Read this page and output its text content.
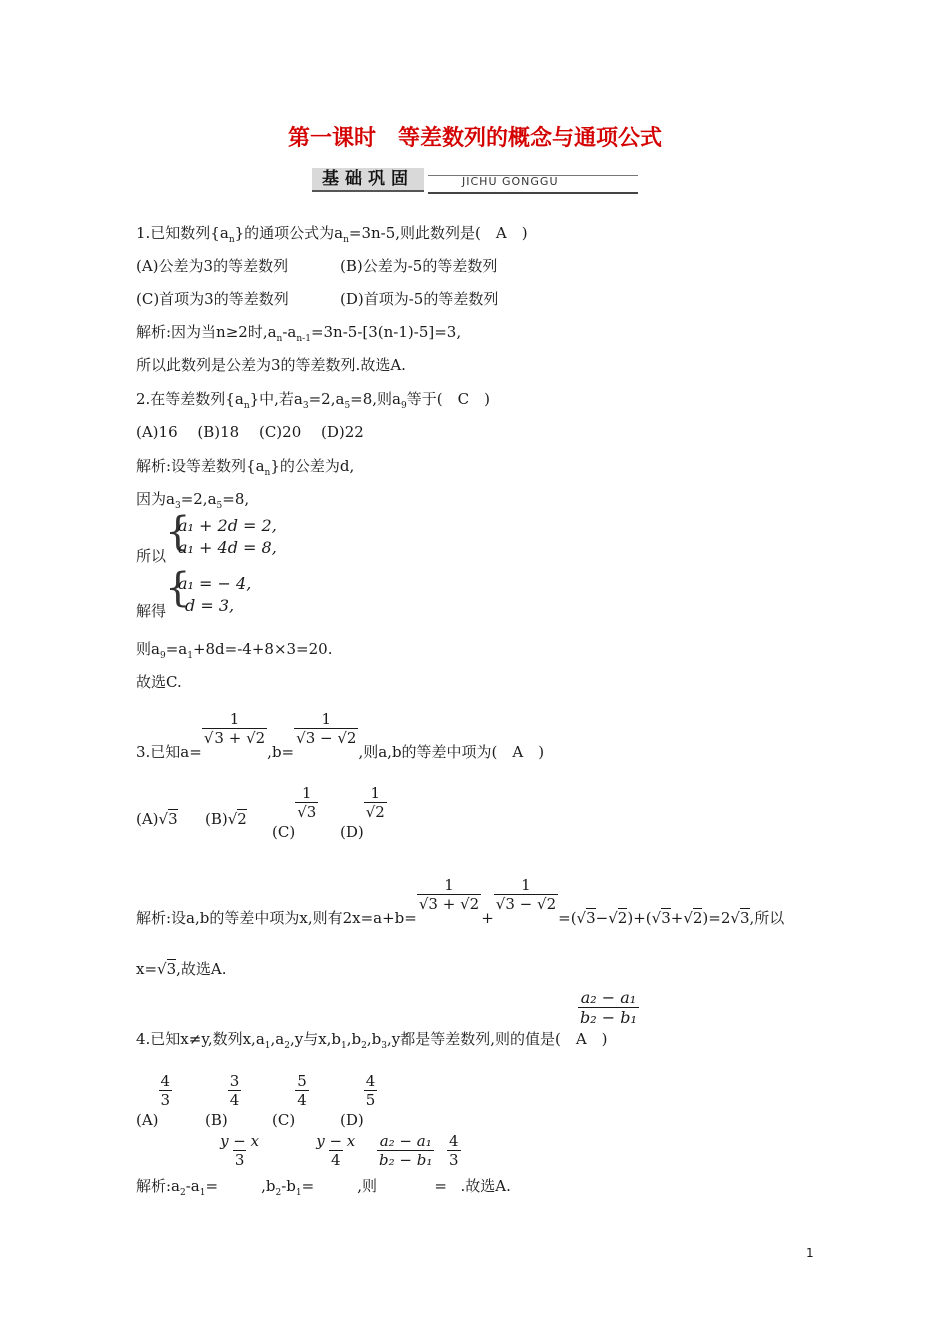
第一课时　等差数列的概念与通项公式
基础巩固	JICHU GONGGU
1.已知数列$\{a_n\}$的通项公式为$a_n=3n-5$,则此数列是(　A　)
(A)公差为3的等差数列	(B)公差为-5的等差数列
(C)首项为3的等差数列	(D)首项为-5的等差数列
解析:因为当n≥2时$,a_n-a_{n-1}=3n-5-[3(n-1)-5]=3$,
所以此数列是公差为3的等差数列.故选A.
2.在等差数列$\{a_n\}$中,若$a_3=2,a_5=8$,则$a_9$等于(　C　)
(A)16　 (B)18　 (C)20　 (D)22
解析:设等差数列$\{a_n\}$的公差为d,
因为$a_3=2,a_5=8$,
所以
{
a₁ + 2d = 2,
a₁ + 4d = 8,
解得
{
a₁ = − 4,
d = 3,
则$a_9=a_1+8d=-4+8\times 3=20$.
故选C.
3.已知a=
$\frac{1}{√3 + √2}$
,b=
$\frac{1}{√3 - √2}$
,则a,b的等差中项为(　A　)
(A)√3 (B)√2
(C)
$\frac{1}{√3}$
(D)
$\frac{1}{√2}$
解析:设a,b的等差中项为x,则有2x=a+b=
$\frac{1}{√3 + √2}$
+
$\frac{1}{√3 - √2}$
=(√3−√2)+(√3+√2)=2√3,所以
x=√3,故选A.
4.已知x≠y,数列$x,a_1,a_2,y$与$x,b_1,b_2,b_3,y$都是等差数列,则的值是(　A　)
$\frac{\text{a₂ − a₁}}{\text{b₂ − b₁}}$
(A)
$\frac{4}{3}$
(B)
$\frac{3}{4}$
(C)
$\frac{5}{4}$
(D)
$\frac{4}{5}$
解析$:a_2-a_1=$
$\frac{y - x}{3}$
$,b_2-b_1=$
$\frac{y - x}{4}$
,则
$\frac{\text{a₂ − a₁}}{\text{b₂ − b₁}}$
=
$\frac{4}{3}$
.故选A.
1
